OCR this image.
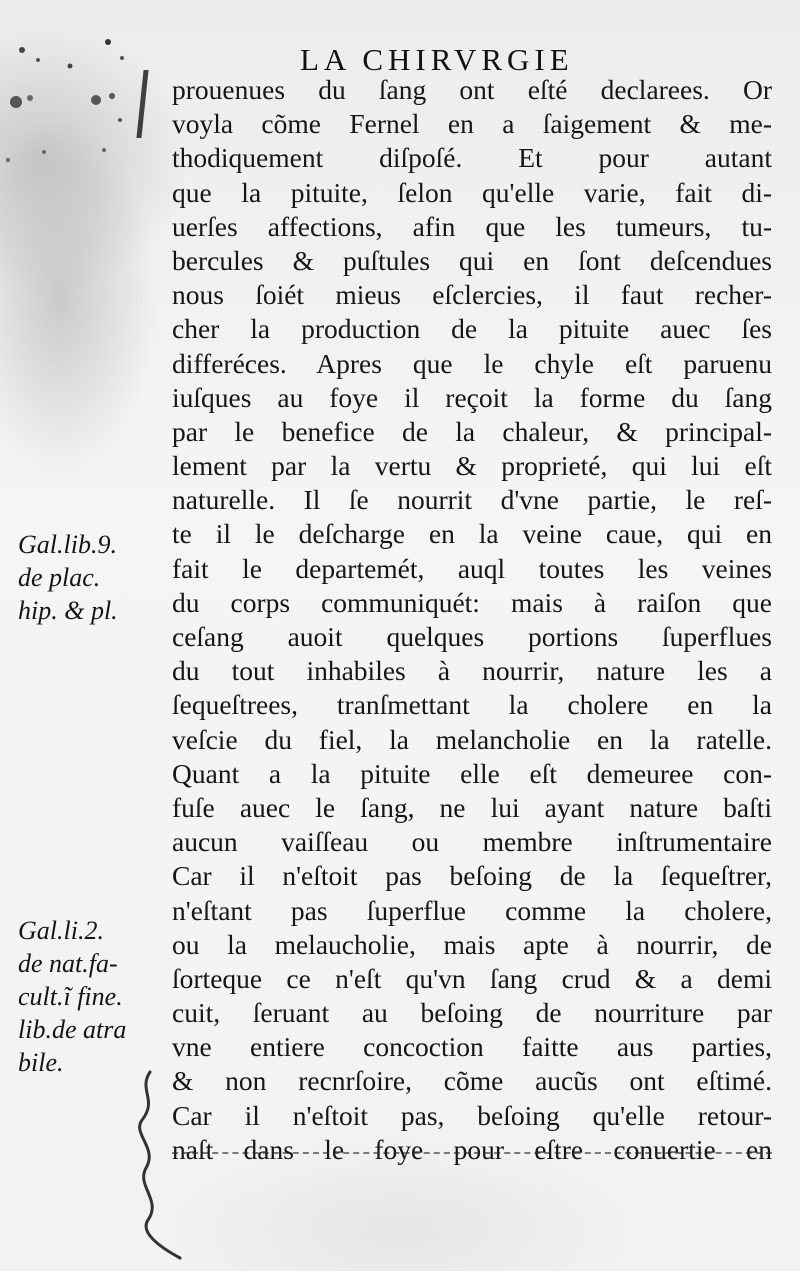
LA CHIRVRGIE
prouenues du ſang ont eſté declarees. Or
voyla cõme Fernel en a ſaigement & me-
thodiquement diſpoſé. Et pour autant
que la pituite, ſelon qu'elle varie, fait di-
uerſes affections, afin que les tumeurs, tu-
bercules & puſtules qui en ſont deſcendues
nous ſoiét mieus eſclercies, il faut recher-
cher la production de la pituite auec ſes
differéces. Apres que le chyle eſt paruenu
iuſques au foye il reçoit la forme du ſang
par le benefice de la chaleur, & principal-
lement par la vertu & proprieté, qui lui eſt
naturelle. Il ſe nourrit d'vne partie, le reſ-
te il le deſcharge en la veine caue, qui en
fait le departemét, auql toutes les veines
du corps communiquét: mais à raiſon que
ceſang auoit quelques portions ſuperflues
du tout inhabiles à nourrir, nature les a
ſequeſtrees, tranſmettant la cholere en la
veſcie du fiel, la melancholie en la ratelle.
Quant a la pituite elle eſt demeuree con-
fuſe auec le ſang, ne lui ayant nature baſti
aucun vaiſſeau ou membre inſtrumentaire
Car il n'eſtoit pas beſoing de la ſequeſtrer,
n'eſtant pas ſuperflue comme la cholere,
ou la melaucholie, mais apte à nourrir, de
ſorteque ce n'eſt qu'vn ſang crud & a demi
cuit, ſeruant au beſoing de nourriture par
vne entiere concoction faitte aus parties,
& non recnrſoire, cõme aucũs ont eſtimé.
Car il n'eſtoit pas, beſoing qu'elle retour-
naſt dans le foye pour eſtre conuertie en
Gal.lib.9.
de plac.
hip. & pl.
Gal.li.2.
de nat.fa-
cult.ĩ fine.
lib.de atra
bile.
